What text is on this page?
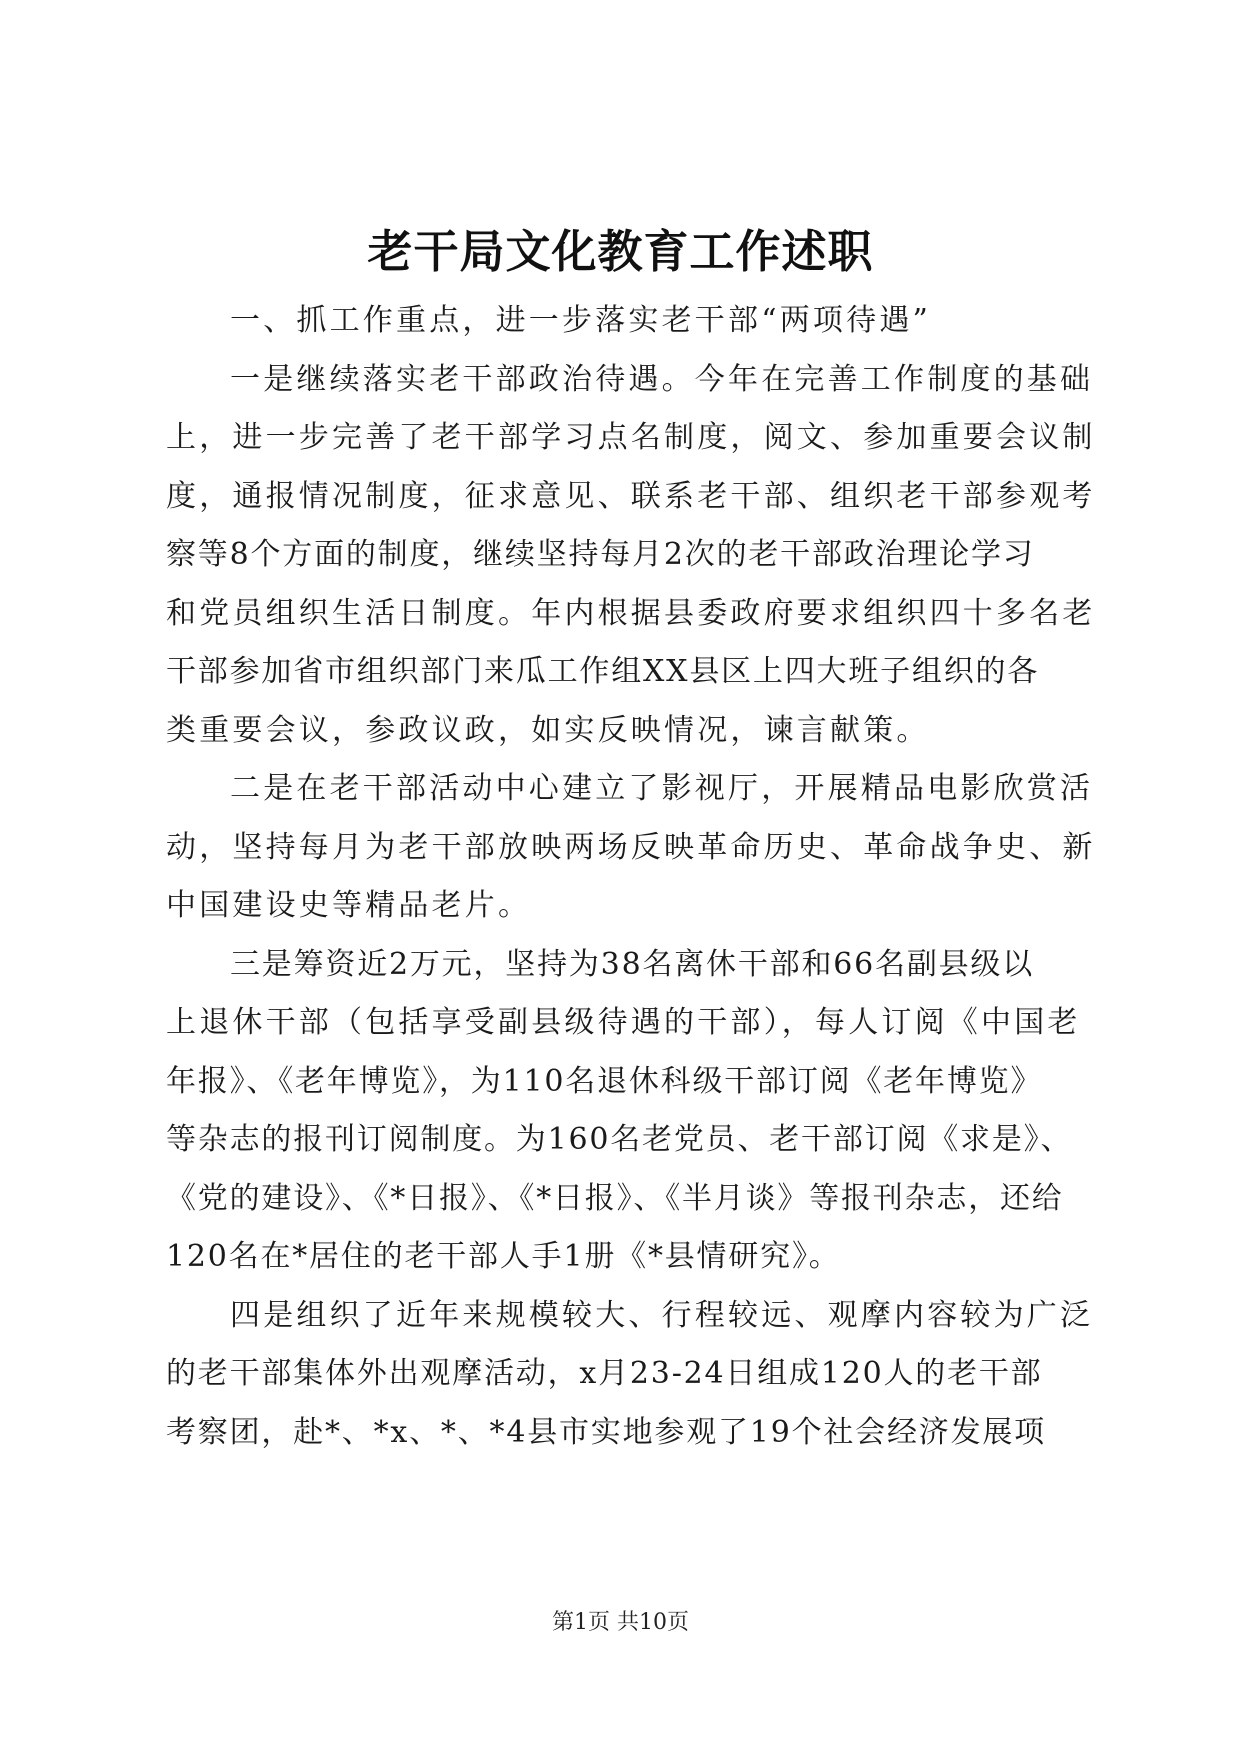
老干局文化教育工作述职
一、抓工作重点，进一步落实老干部“两项待遇”
一是继续落实老干部政治待遇。今年在完善工作制度的基础
上，进一步完善了老干部学习点名制度，阅文、参加重要会议制
度，通报情况制度，征求意见、联系老干部、组织老干部参观考
察等8个方面的制度，继续坚持每月2次的老干部政治理论学习
和党员组织生活日制度。年内根据县委政府要求组织四十多名老
干部参加省市组织部门来瓜工作组XX县区上四大班子组织的各
类重要会议，参政议政，如实反映情况，谏言献策。
二是在老干部活动中心建立了影视厅，开展精品电影欣赏活
动，坚持每月为老干部放映两场反映革命历史、革命战争史、新
中国建设史等精品老片。
三是筹资近2万元，坚持为38名离休干部和66名副县级以
上退休干部（包括享受副县级待遇的干部），每人订阅《中国老
年报》、《老年博览》，为110名退休科级干部订阅《老年博览》
等杂志的报刊订阅制度。为160名老党员、老干部订阅《求是》、
《党的建设》、《*日报》、《*日报》、《半月谈》等报刊杂志，还给
120名在*居住的老干部人手1册《*县情研究》。
四是组织了近年来规模较大、行程较远、观摩内容较为广泛
的老干部集体外出观摩活动，x月23-24日组成120人的老干部
考察团，赴*、*x、*、*4县市实地参观了19个社会经济发展项
第1页 共10页
